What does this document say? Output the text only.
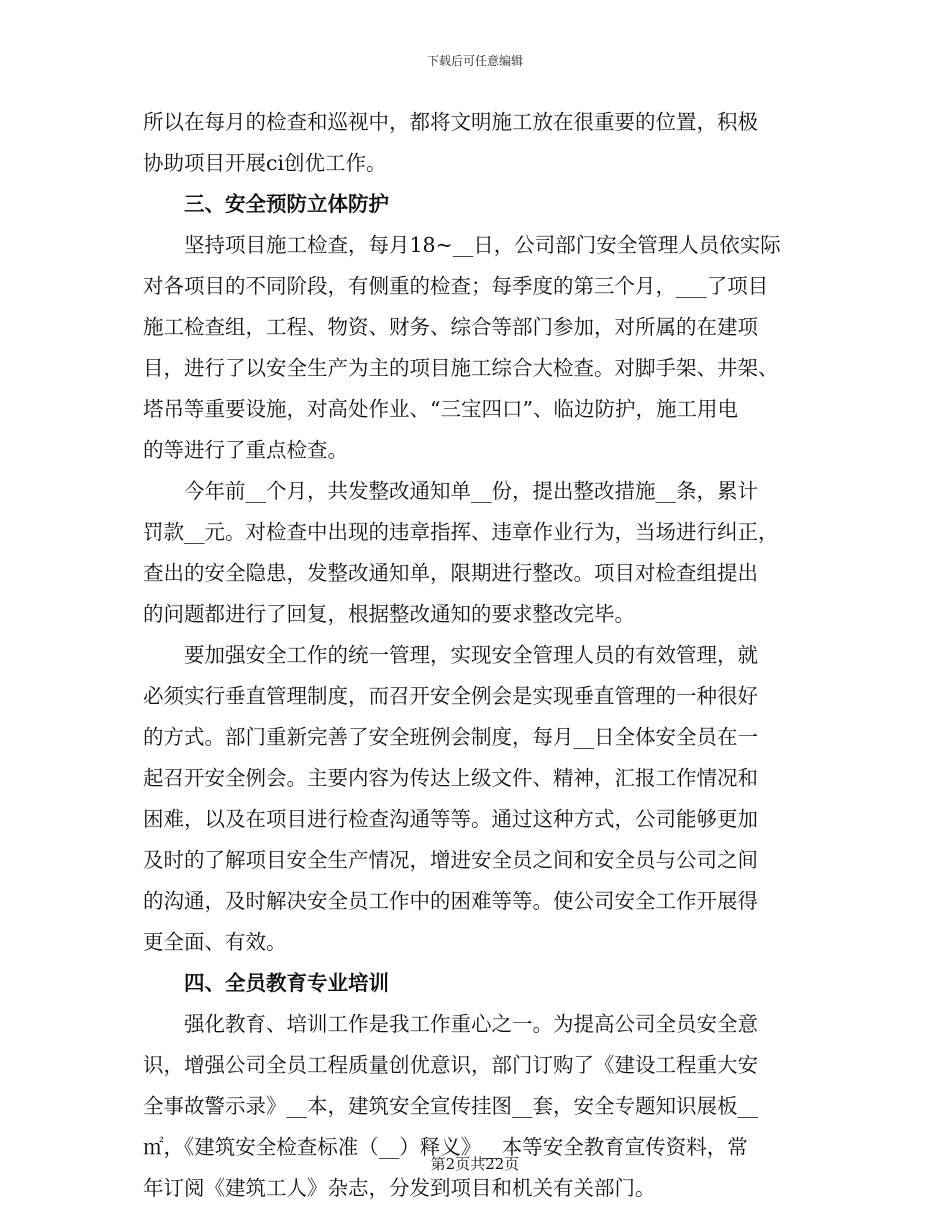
下载后可任意编辑
所以在每月的检查和巡视中，都将文明施工放在很重要的位置，积极
协助项目开展ci创优工作。
三、安全预防立体防护
坚持项目施工检查，每月18~__日，公司部门安全管理人员依实际
对各项目的不同阶段，有侧重的检查；每季度的第三个月，___了项目
施工检查组，工程、物资、财务、综合等部门参加，对所属的在建项
目，进行了以安全生产为主的项目施工综合大检查。对脚手架、井架、
塔吊等重要设施，对高处作业、“三宝四口”、临边防护，施工用电
的等进行了重点检查。
今年前__个月，共发整改通知单__份，提出整改措施__条，累计
罚款__元。对检查中出现的违章指挥、违章作业行为，当场进行纠正，
查出的安全隐患，发整改通知单，限期进行整改。项目对检查组提出
的问题都进行了回复，根据整改通知的要求整改完毕。
要加强安全工作的统一管理，实现安全管理人员的有效管理，就
必须实行垂直管理制度，而召开安全例会是实现垂直管理的一种很好
的方式。部门重新完善了安全班例会制度，每月__日全体安全员在一
起召开安全例会。主要内容为传达上级文件、精神，汇报工作情况和
困难，以及在项目进行检查沟通等等。通过这种方式，公司能够更加
及时的了解项目安全生产情况，增进安全员之间和安全员与公司之间
的沟通，及时解决安全员工作中的困难等等。使公司安全工作开展得
更全面、有效。
四、全员教育专业培训
强化教育、培训工作是我工作重心之一。为提高公司全员安全意
识，增强公司全员工程质量创优意识，部门订购了《建设工程重大安
全事故警示录》__本，建筑安全宣传挂图__套，安全专题知识展板__
㎡，《建筑安全检查标准（__）释义》__本等安全教育宣传资料，常
年订阅《建筑工人》杂志，分发到项目和机关有关部门。
第2页共22页
